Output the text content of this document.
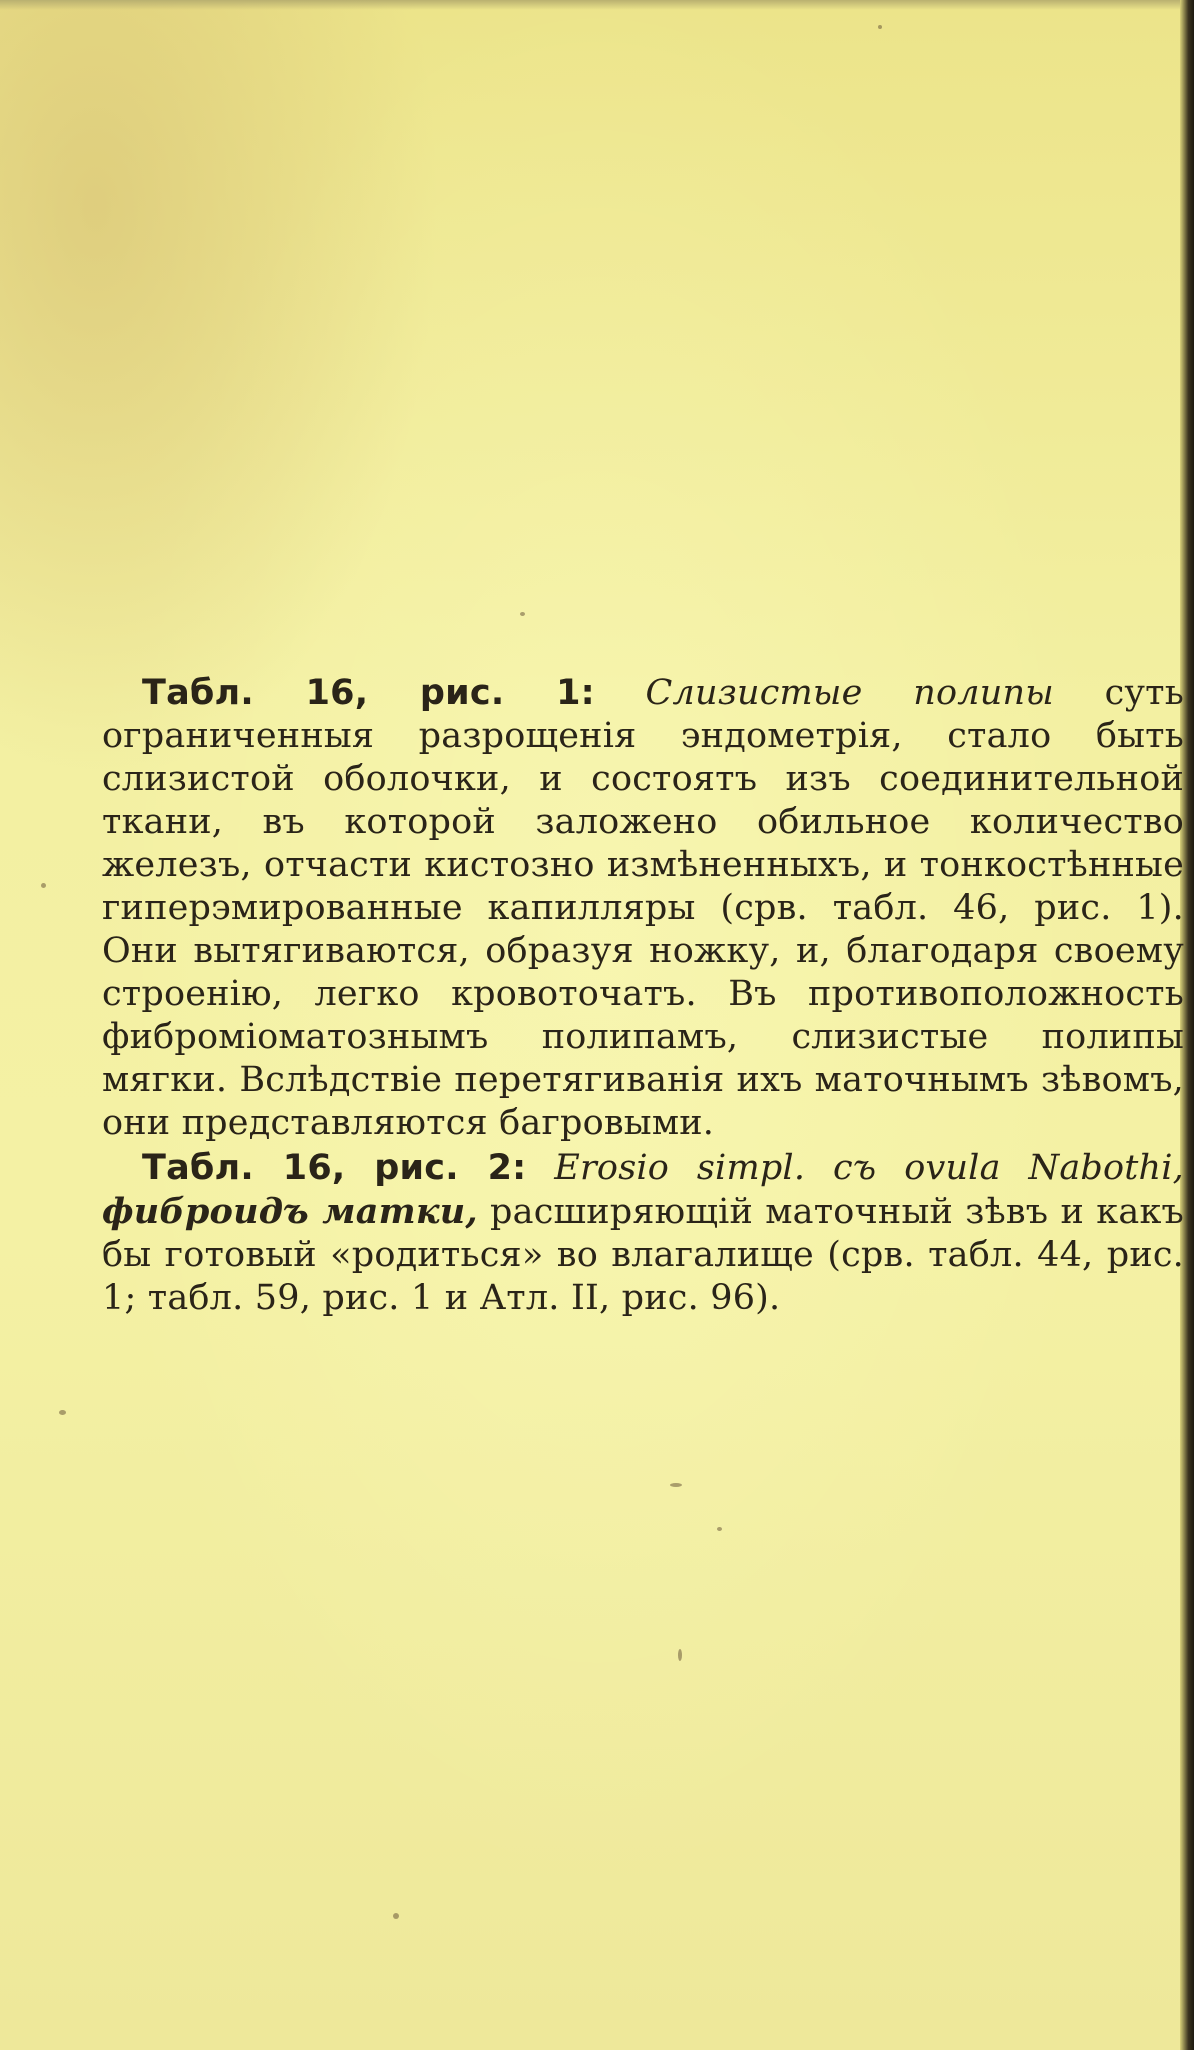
Табл. 16, рис. 1: Слизистые полипы суть ограниченныя разрощенія эндометрія, стало быть слизистой оболочки, и состоятъ изъ соединительной ткани, въ которой заложено обильное количество железъ, отчасти кистозно измѣненныхъ, и тонкостѣнные гиперэмированные капилляры (срв. табл. 46, рис. 1). Они вытягиваются, образуя ножку, и, благодаря своему строенію, легко кровоточатъ. Въ противоположность фиброміоматознымъ полипамъ, слизистые полипы мягки. Вслѣдствіе перетягиванія ихъ маточнымъ зѣвомъ, они представляются багровыми.

Табл. 16, рис. 2: Erosio simpl. съ ovula Nabothi, фиброидъ матки, расширяющій маточный зѣвъ и какъ бы готовый «родиться» во влагалище (срв. табл. 44, рис. 1; табл. 59, рис. 1 и Атл. II, рис. 96).
